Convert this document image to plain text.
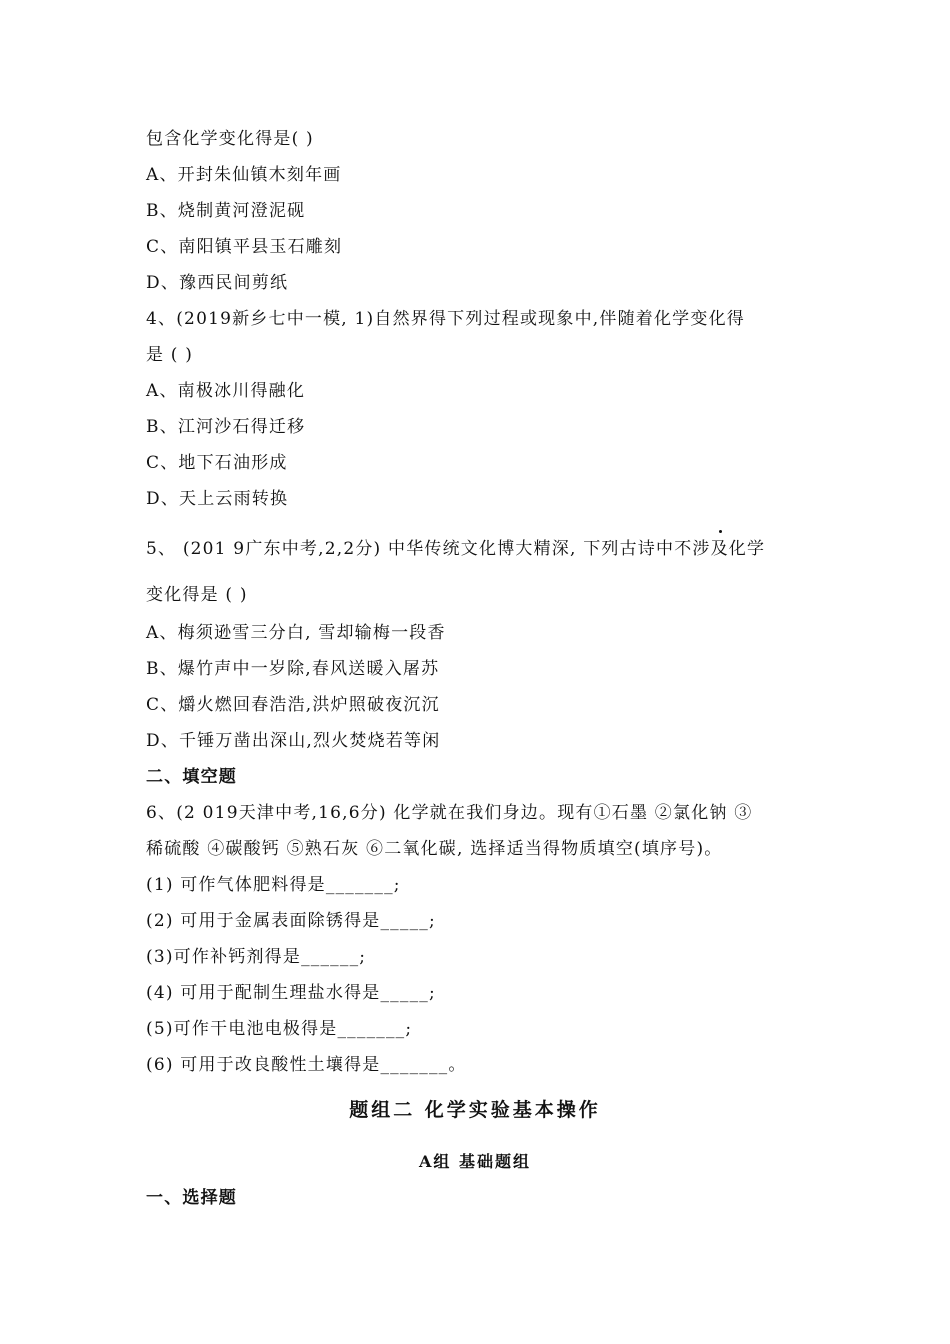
包含化学变化得是( )
A、开封朱仙镇木刻年画
B、烧制黄河澄泥砚
C、南阳镇平县玉石雕刻
D、豫西民间剪纸
4、(2019新乡七中一模, 1)自然界得下列过程或现象中,伴随着化学变化得
是 ( )
A、南极冰川得融化
B、江河沙石得迁移
C、地下石油形成
D、天上云雨转换
5、 (201 9广东中考,2,2分) 中华传统文化博大精深, 下列古诗中不涉及化学
变化得是 ( )
A、梅须逊雪三分白, 雪却输梅一段香
B、爆竹声中一岁除,春风送暖入屠苏
C、爝火燃回春浩浩,洪炉照破夜沉沉
D、千锤万凿出深山,烈火焚烧若等闲
二、填空题
6、(2 019天津中考,16,6分) 化学就在我们身边。现有①石墨 ②氯化钠 ③
稀硫酸 ④碳酸钙 ⑤熟石灰 ⑥二氧化碳, 选择适当得物质填空(填序号)。
(1) 可作气体肥料得是_______;
(2) 可用于金属表面除锈得是_____;
(3)可作补钙剂得是______;
(4) 可用于配制生理盐水得是_____;
(5)可作干电池电极得是_______;
(6) 可用于改良酸性土壤得是_______。
题组二 化学实验基本操作
A组 基础题组
一、选择题
